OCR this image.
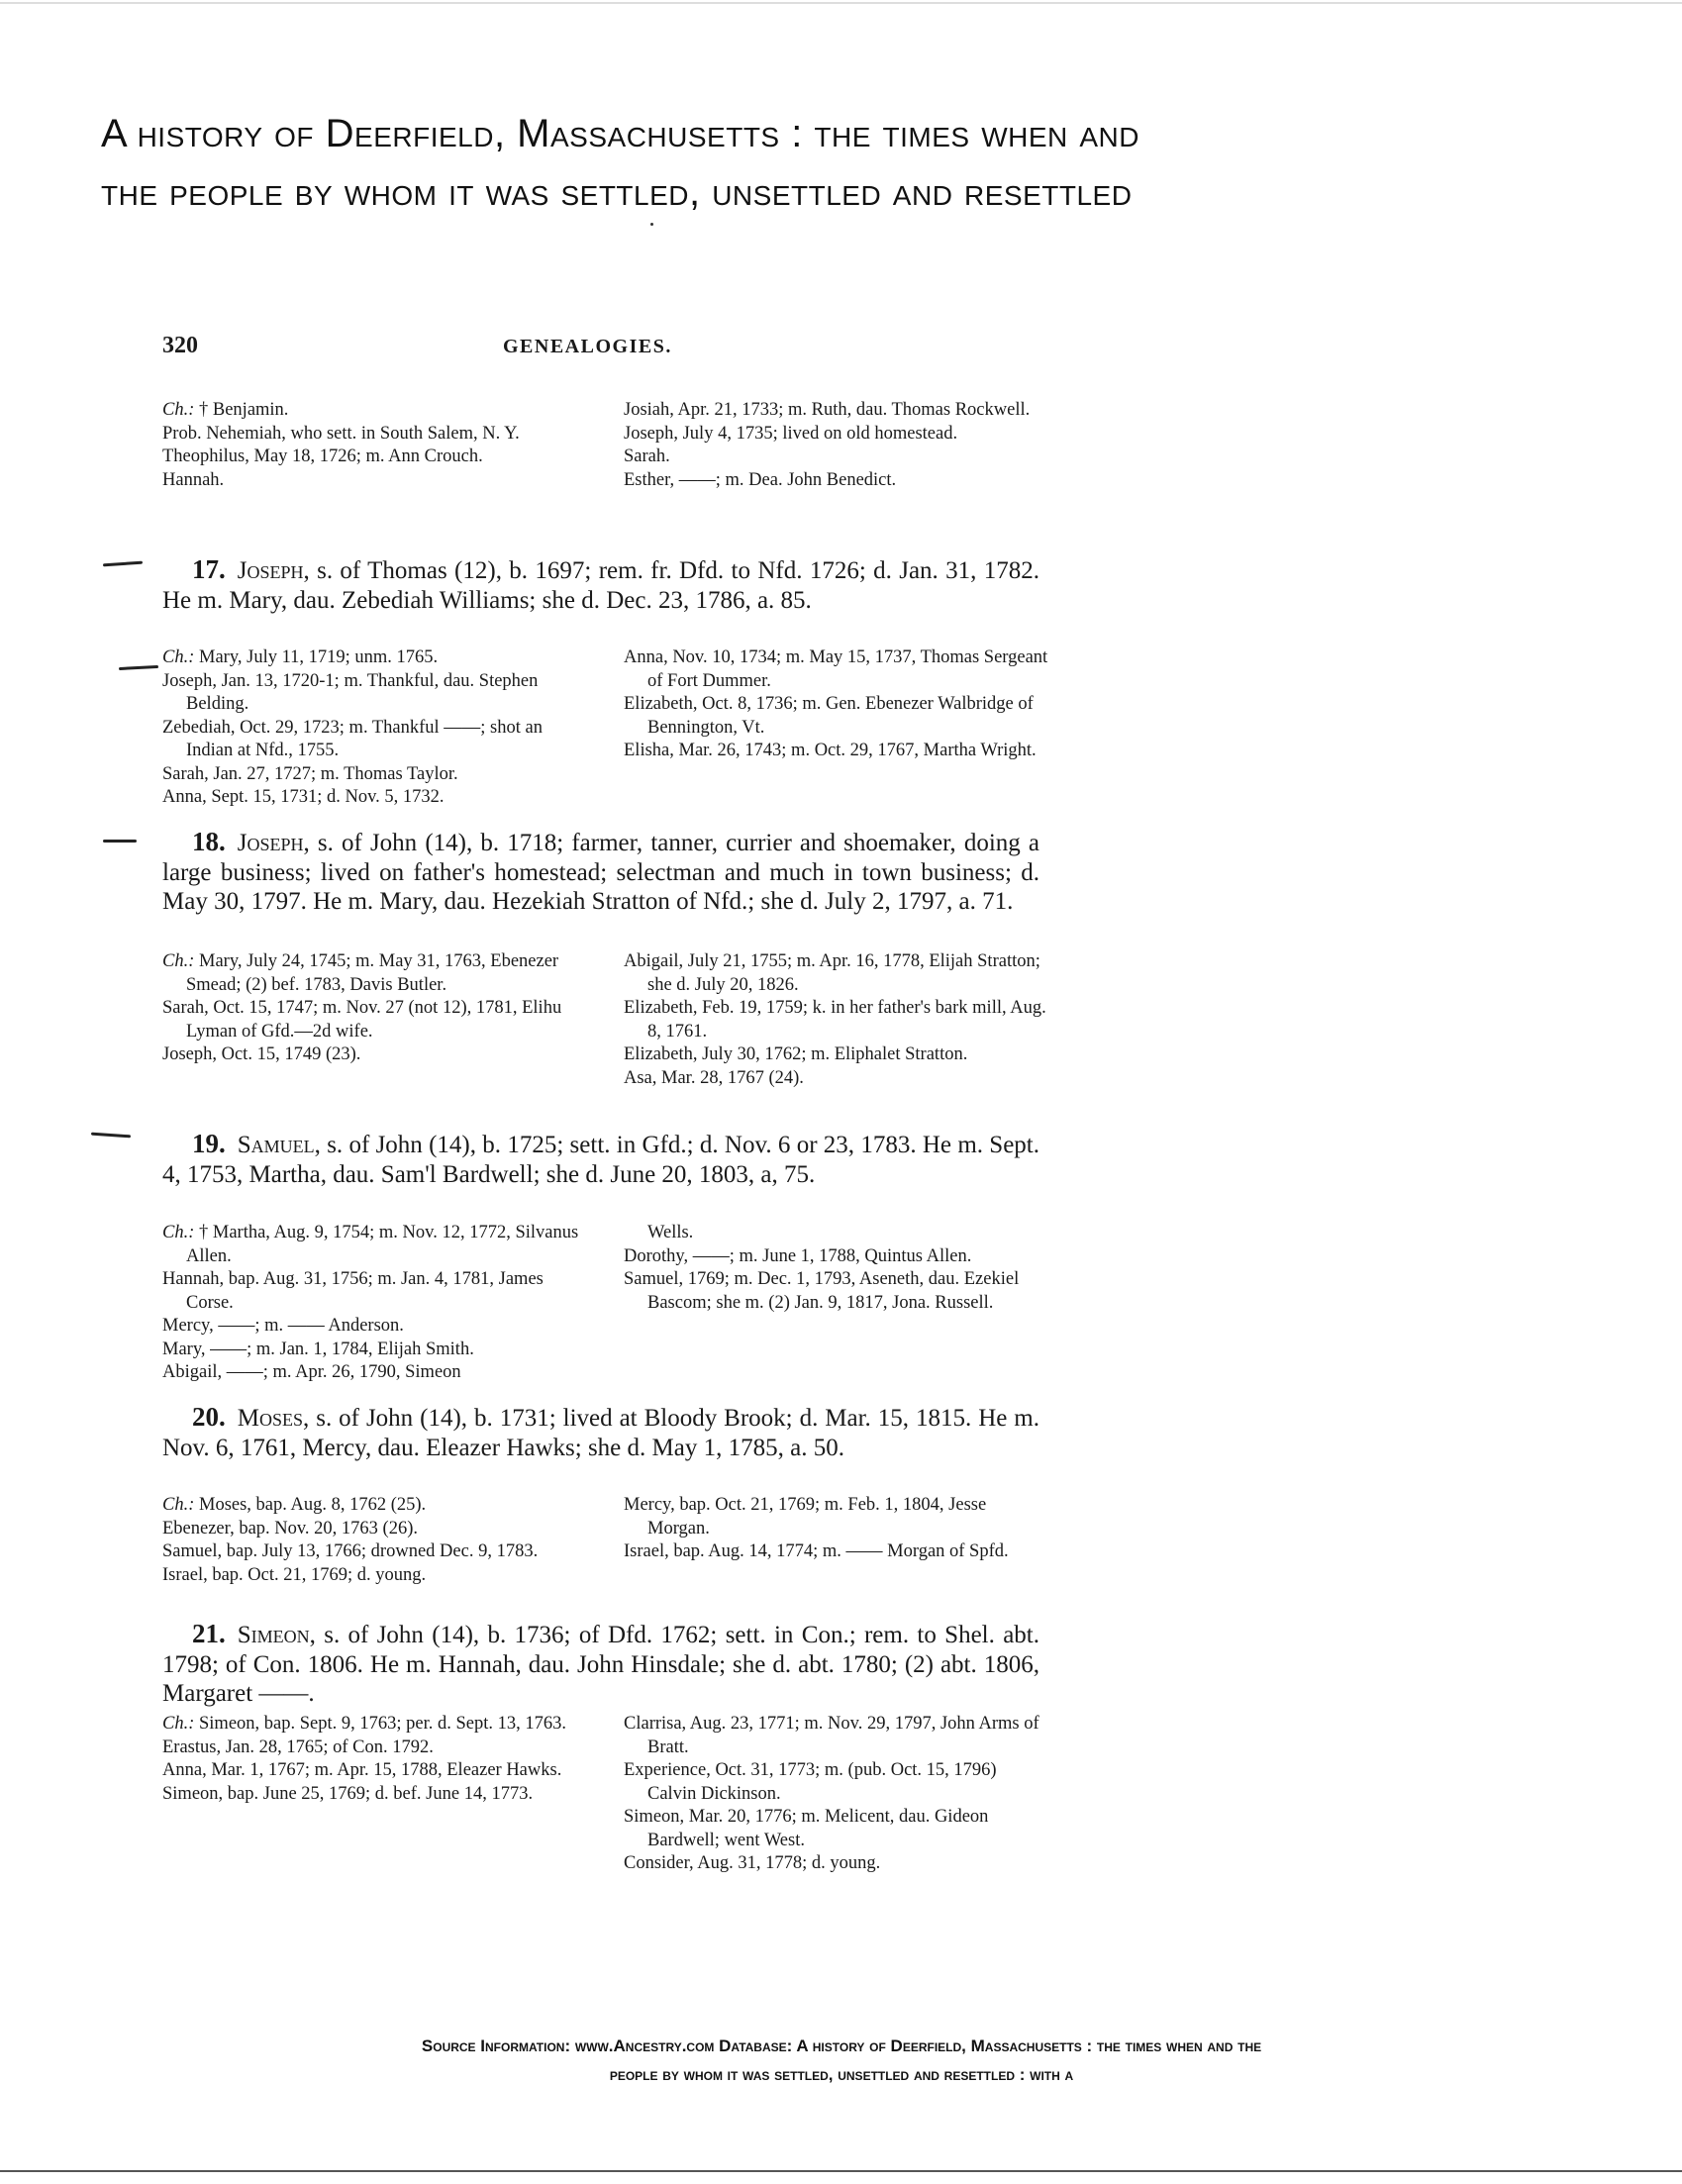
A history of Deerfield, Massachusetts : the times when and
the people by whom it was settled, unsettled and resettled
320	GENEALOGIES.
Ch.: † Benjamin.
Prob. Nehemiah, who sett. in South Salem, N. Y.
Theophilus, May 18, 1726; m. Ann Crouch.
Hannah.
Josiah, Apr. 21, 1733; m. Ruth, dau. Thomas Rockwell.
Joseph, July 4, 1735; lived on old homestead.
Sarah.
Esther, ——; m. Dea. John Benedict.
17. Joseph, s. of Thomas (12), b. 1697; rem. fr. Dfd. to Nfd. 1726; d. Jan. 31, 1782. He m. Mary, dau. Zebediah Williams; she d. Dec. 23, 1786, a. 85.
Ch.: Mary, July 11, 1719; unm. 1765.
Joseph, Jan. 13, 1720-1; m. Thankful, dau. Stephen Belding.
Zebediah, Oct. 29, 1723; m. Thankful ——; shot an Indian at Nfd., 1755.
Sarah, Jan. 27, 1727; m. Thomas Taylor.
Anna, Sept. 15, 1731; d. Nov. 5, 1732.
Anna, Nov. 10, 1734; m. May 15, 1737, Thomas Sergeant of Fort Dummer.
Elizabeth, Oct. 8, 1736; m. Gen. Ebenezer Walbridge of Bennington, Vt.
Elisha, Mar. 26, 1743; m. Oct. 29, 1767, Martha Wright.
18. Joseph, s. of John (14), b. 1718; farmer, tanner, currier and shoemaker, doing a large business; lived on father's homestead; selectman and much in town business; d. May 30, 1797. He m. Mary, dau. Hezekiah Stratton of Nfd.; she d. July 2, 1797, a. 71.
Ch.: Mary, July 24, 1745; m. May 31, 1763, Ebenezer Smead; (2) bef. 1783, Davis Butler.
Sarah, Oct. 15, 1747; m. Nov. 27 (not 12), 1781, Elihu Lyman of Gfd.—2d wife.
Joseph, Oct. 15, 1749 (23).
Abigail, July 21, 1755; m. Apr. 16, 1778, Elijah Stratton; she d. July 20, 1826.
Elizabeth, Feb. 19, 1759; k. in her father's bark mill, Aug. 8, 1761.
Elizabeth, July 30, 1762; m. Eliphalet Stratton.
Asa, Mar. 28, 1767 (24).
19. Samuel, s. of John (14), b. 1725; sett. in Gfd.; d. Nov. 6 or 23, 1783. He m. Sept. 4, 1753, Martha, dau. Sam'l Bardwell; she d. June 20, 1803, a, 75.
Ch.: † Martha, Aug. 9, 1754; m. Nov. 12, 1772, Silvanus Allen.
Hannah, bap. Aug. 31, 1756; m. Jan. 4, 1781, James Corse.
Mercy, ——; m. —— Anderson.
Mary, ——; m. Jan. 1, 1784, Elijah Smith.
Abigail, ——; m. Apr. 26, 1790, Simeon
Wells.
Dorothy, ——; m. June 1, 1788, Quintus Allen.
Samuel, 1769; m. Dec. 1, 1793, Aseneth, dau. Ezekiel Bascom; she m. (2) Jan. 9, 1817, Jona. Russell.
20. Moses, s. of John (14), b. 1731; lived at Bloody Brook; d. Mar. 15, 1815. He m. Nov. 6, 1761, Mercy, dau. Eleazer Hawks; she d. May 1, 1785, a. 50.
Ch.: Moses, bap. Aug. 8, 1762 (25).
Ebenezer, bap. Nov. 20, 1763 (26).
Samuel, bap. July 13, 1766; drowned Dec. 9, 1783.
Israel, bap. Oct. 21, 1769; d. young.
Mercy, bap. Oct. 21, 1769; m. Feb. 1, 1804, Jesse Morgan.
Israel, bap. Aug. 14, 1774; m. —— Morgan of Spfd.
21. Simeon, s. of John (14), b. 1736; of Dfd. 1762; sett. in Con.; rem. to Shel. abt. 1798; of Con. 1806. He m. Hannah, dau. John Hinsdale; she d. abt. 1780; (2) abt. 1806, Margaret ——.
Ch.: Simeon, bap. Sept. 9, 1763; per. d. Sept. 13, 1763.
Erastus, Jan. 28, 1765; of Con. 1792.
Anna, Mar. 1, 1767; m. Apr. 15, 1788, Eleazer Hawks.
Simeon, bap. June 25, 1769; d. bef. June 14, 1773.
Clarrisa, Aug. 23, 1771; m. Nov. 29, 1797, John Arms of Bratt.
Experience, Oct. 31, 1773; m. (pub. Oct. 15, 1796) Calvin Dickinson.
Simeon, Mar. 20, 1776; m. Melicent, dau. Gideon Bardwell; went West.
Consider, Aug. 31, 1778; d. young.
Source Information: www.Ancestry.com Database: A history of Deerfield, Massachusetts : the times when and the
people by whom it was settled, unsettled and resettled : with a
